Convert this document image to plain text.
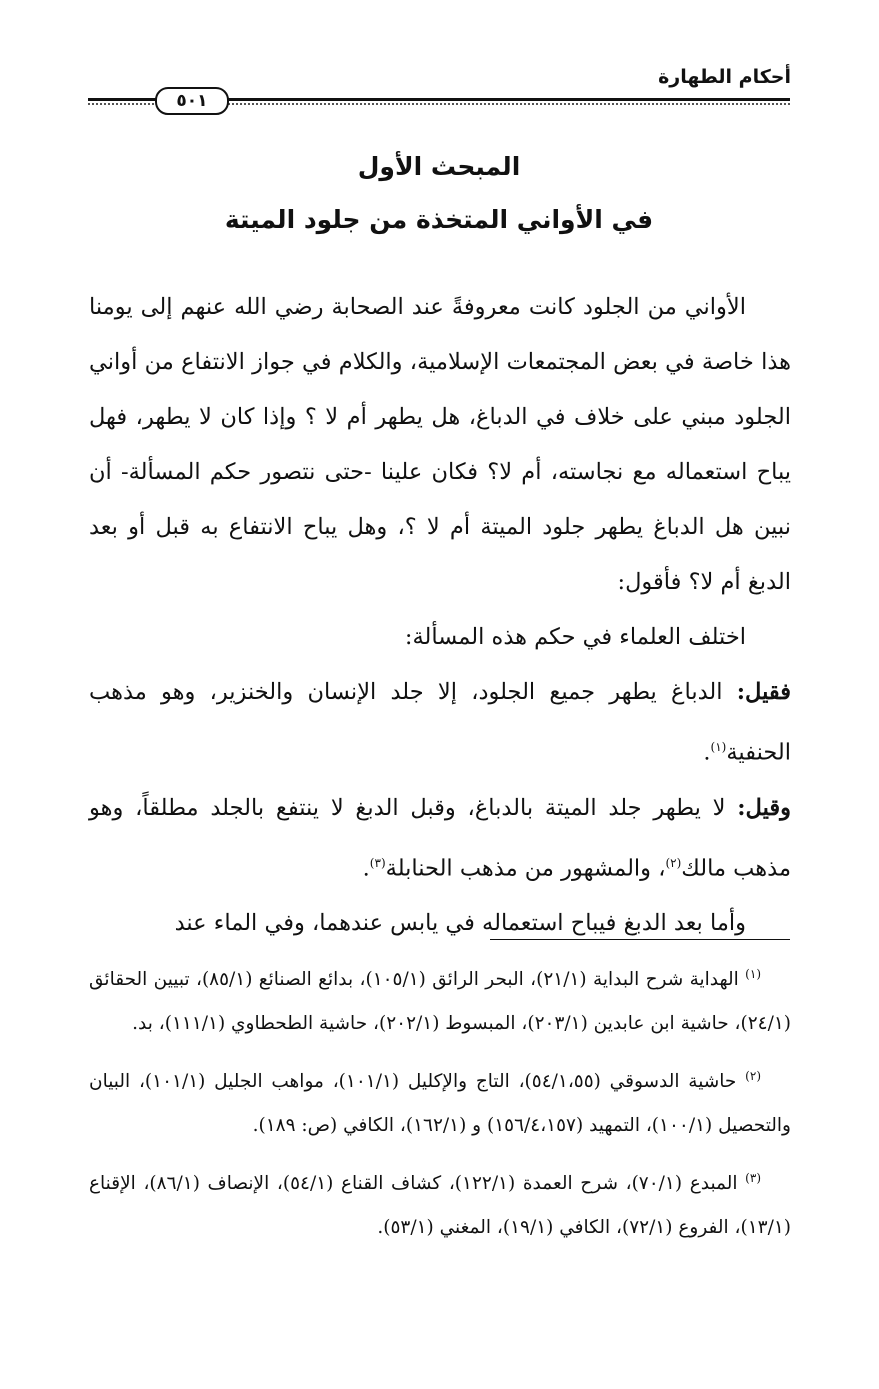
أحكام الطهارة
٥٠١
المبحث الأول
في الأواني المتخذة من جلود الميتة

الأواني من الجلود كانت معروفةً عند الصحابة رضي الله عنهم إلى يومنا هذا خاصة في بعض المجتمعات الإسلامية، والكلام في جواز الانتفاع من أواني الجلود مبني على خلاف في الدباغ، هل يطهر أم لا ؟ وإذا كان لا يطهر، فهل يباح استعماله مع نجاسته، أم لا؟ فكان علينا -حتى نتصور حكم المسألة- أن نبين هل الدباغ يطهر جلود الميتة أم لا ؟، وهل يباح الانتفاع به قبل أو بعد الدبغ أم لا؟ فأقول:

اختلف العلماء في حكم هذه المسألة:

فقيل: الدباغ يطهر جميع الجلود، إلا جلد الإنسان والخنزير، وهو مذهب الحنفية$^{(١)}$.

وقيل: لا يطهر جلد الميتة بالدباغ، وقبل الدبغ لا ينتفع بالجلد مطلقاً، وهو مذهب مالك$^{(٢)}$، والمشهور من مذهب الحنابلة$^{(٣)}$.

وأما بعد الدبغ فيباح استعماله في يابس عندهما، وفي الماء عند

$^{(١)}$ الهداية شرح البداية (٢١/١)، البحر الرائق (١٠٥/١)، بدائع الصنائع (٨٥/١)، تبيين الحقائق (٢٤/١)، حاشية ابن عابدين (٢٠٣/١)، المبسوط (٢٠٢/١)، حاشية الطحطاوي (١١١/١)، بد.

$^{(٢)}$ حاشية الدسوقي (٥٤/١،٥٥)، التاج والإكليل (١٠١/١)، مواهب الجليل (١٠١/١)، البيان والتحصيل (١٠٠/١)، التمهيد (١٥٦/٤،١٥٧) و (١٦٢/١)، الكافي (ص: ١٨٩).

$^{(٣)}$ المبدع (٧٠/١)، شرح العمدة (١٢٢/١)، كشاف القناع (٥٤/١)، الإنصاف (٨٦/١)، الإقناع (١٣/١)، الفروع (٧٢/١)، الكافي (١٩/١)، المغني (٥٣/١).
